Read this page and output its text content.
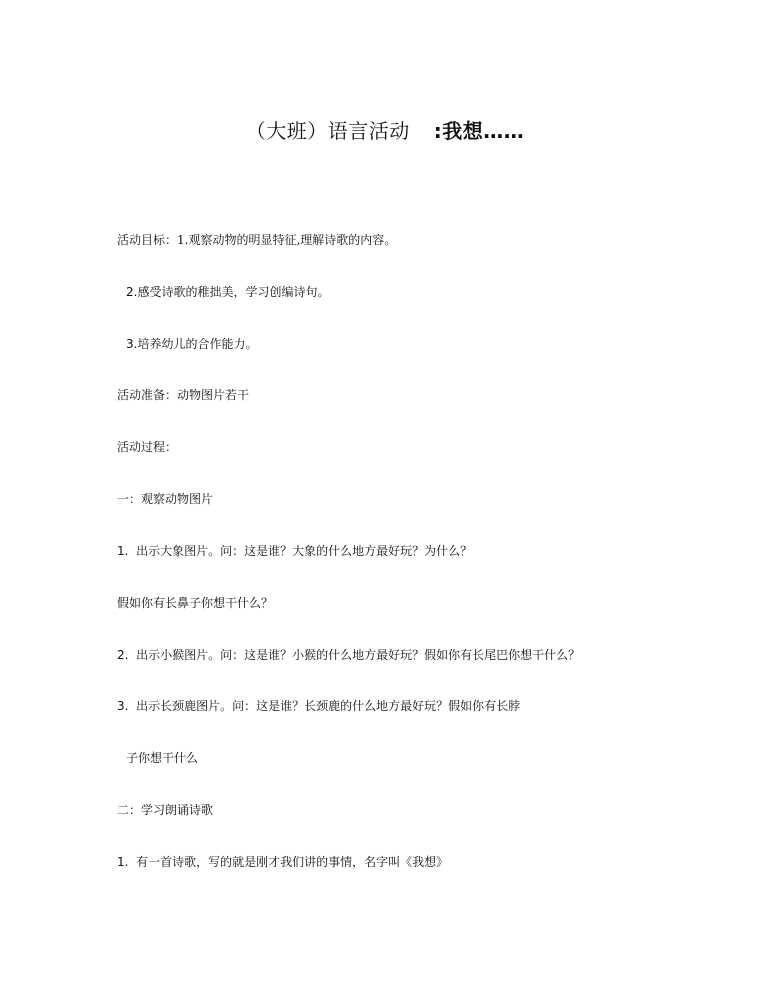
（大班）语言活动 :我想……
活动目标：1.观察动物的明显特征,理解诗歌的内容。
2.感受诗歌的稚拙美，学习创编诗句。
3.培养幼儿的合作能力。
活动准备：动物图片若干
活动过程：
一：观察动物图片
1. 出示大象图片。问：这是谁？大象的什么地方最好玩？为什么？
假如你有长鼻子你想干什么？
2. 出示小猴图片。问：这是谁？小猴的什么地方最好玩？假如你有长尾巴你想干什么？
3. 出示长颈鹿图片。问：这是谁？长颈鹿的什么地方最好玩？假如你有长脖
子你想干什么
二：学习朗诵诗歌
1. 有一首诗歌，写的就是刚才我们讲的事情，名字叫《我想》
